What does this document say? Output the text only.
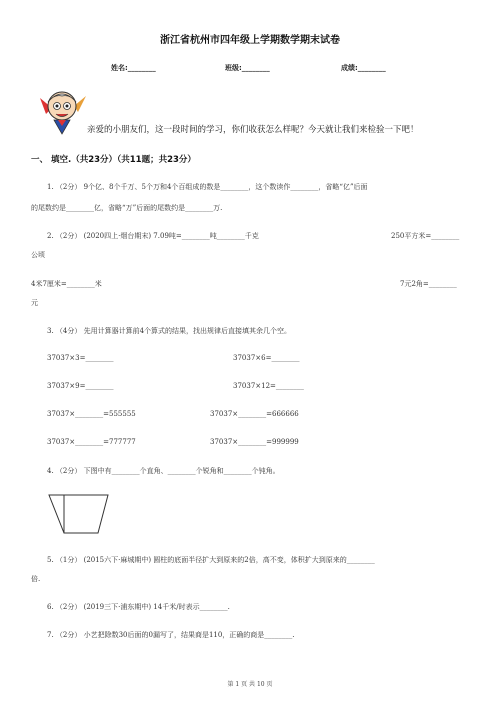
浙江省杭州市四年级上学期数学期末试卷
姓名:________	班级:________	成绩:________
亲爱的小朋友们，这一段时间的学习，你们收获怎么样呢？今天就让我们来检验一下吧！
一、 填空.（共23分）（共11题；共23分）
1. （2分） 9个亿、8个千万、5个万和4个百组成的数是________，这个数读作________，省略“亿”后面
的尾数约是________亿，省略“万”后面的尾数约是________万.
2. （2分） (2020四上·烟台期末) 7.09吨=________吨________千克	250平方米=________
公顷
4米7厘米=________米	7元2角=________
元
3. （4分） 先用计算器计算前4个算式的结果，找出规律后直接填其余几个空。
37037×3=________	37037×6=________
37037×9=________	37037×12=________
37037×________=555555	37037×________=666666
37037×________=777777	37037×________=999999
4. （2分） 下图中有________个直角、________个锐角和________个钝角。
5. （1分） (2015六下·麻城期中) 圆柱的底面半径扩大到原来的2倍，高不变，体积扩大到原来的________
倍.
6. （2分） (2019三下·浦东期中) 14千米/时表示________.
7. （2分） 小艺把除数30后面的0漏写了，结果商是110，正确的商是________.
第 1 页 共 10 页
